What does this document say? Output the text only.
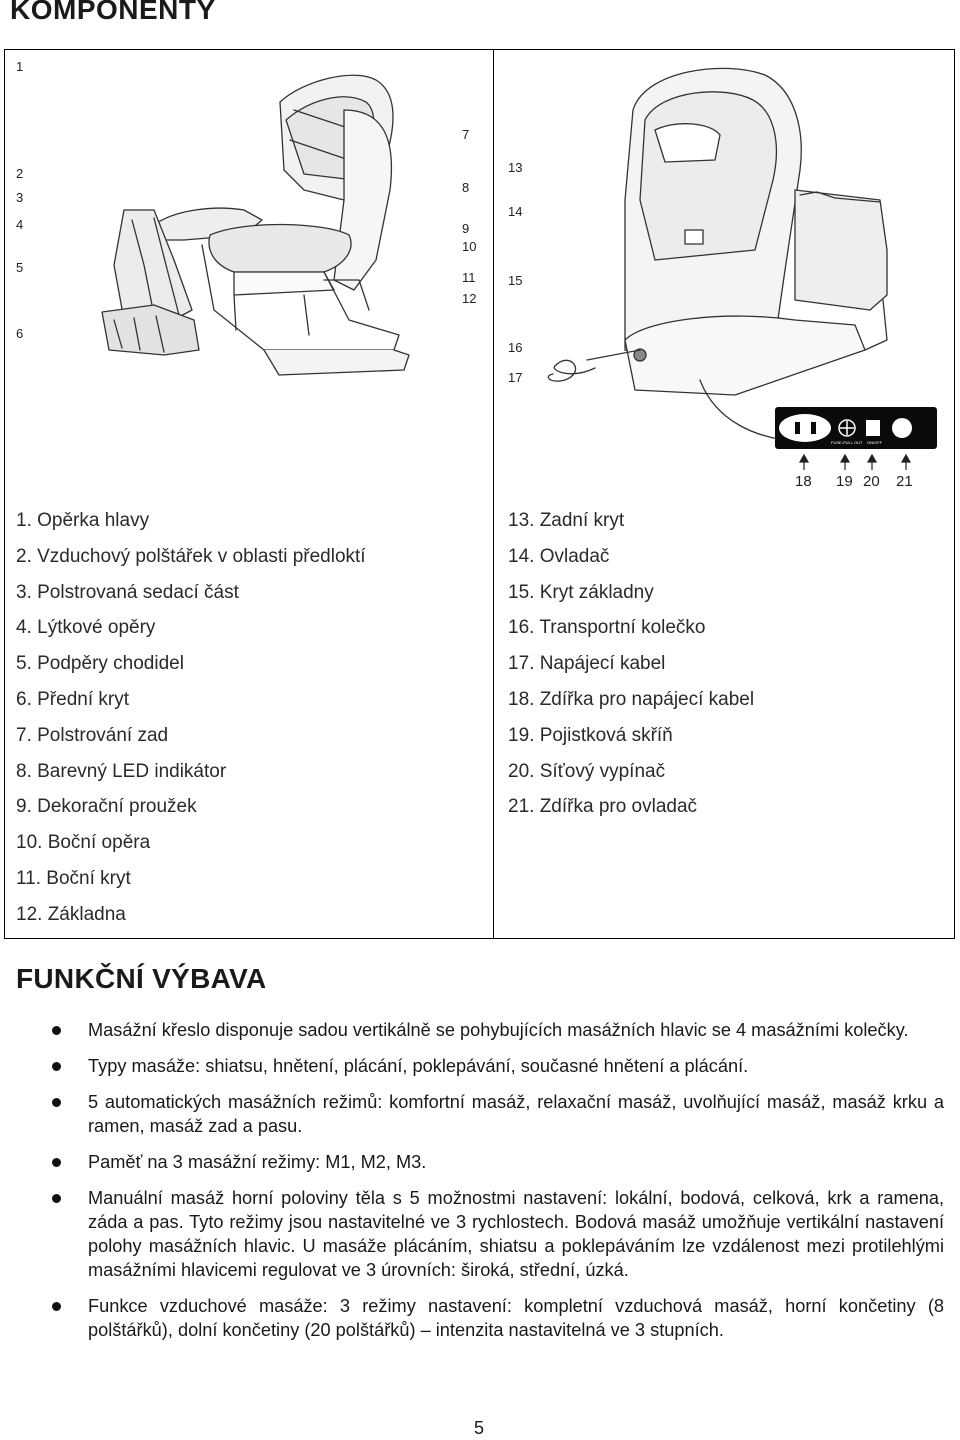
KOMPONENTY
1
2
3
4
5
6
7
8
9
10
11
12
FUSE-PULL OUT ON/OFF
13
14
15
16
17
18 19 20 21
1. Opěrka hlavy
2. Vzduchový polštářek v oblasti předloktí
3. Polstrovaná sedací část
4. Lýtkové opěry
5. Podpěry chodidel
6. Přední kryt
7. Polstrování zad
8. Barevný LED indikátor
9. Dekorační proužek
10. Boční opěra
11. Boční kryt
12. Základna
13. Zadní kryt
14. Ovladač
15. Kryt základny
16. Transportní kolečko
17. Napájecí kabel
18. Zdířka pro napájecí kabel
19. Pojistková skříň
20. Síťový vypínač
21. Zdířka pro ovladač
FUNKČNÍ VÝBAVA
Masážní křeslo disponuje sadou vertikálně se pohybujících masážních hlavic se 4 masážními kolečky.
Typy masáže: shiatsu, hnětení, plácání, poklepávání, současné hnětení a plácání.
5 automatických masážních režimů: komfortní masáž, relaxační masáž, uvolňující masáž, masáž krku a ramen, masáž zad a pasu.
Paměť na 3 masážní režimy: M1, M2, M3.
Manuální masáž horní poloviny těla s 5 možnostmi nastavení: lokální, bodová, celková, krk a ramena, záda a pas. Tyto režimy jsou nastavitelné ve 3 rychlostech. Bodová masáž umožňuje vertikální nastavení polohy masážních hlavic. U masáže plácáním, shiatsu a poklepáváním lze vzdálenost mezi protilehlými masážními hlavicemi regulovat ve 3 úrovních: široká, střední, úzká.
Funkce vzduchové masáže: 3 režimy nastavení: kompletní vzduchová masáž, horní končetiny (8 polštářků), dolní končetiny (20 polštářků) – intenzita nastavitelná ve 3 stupních.
5
